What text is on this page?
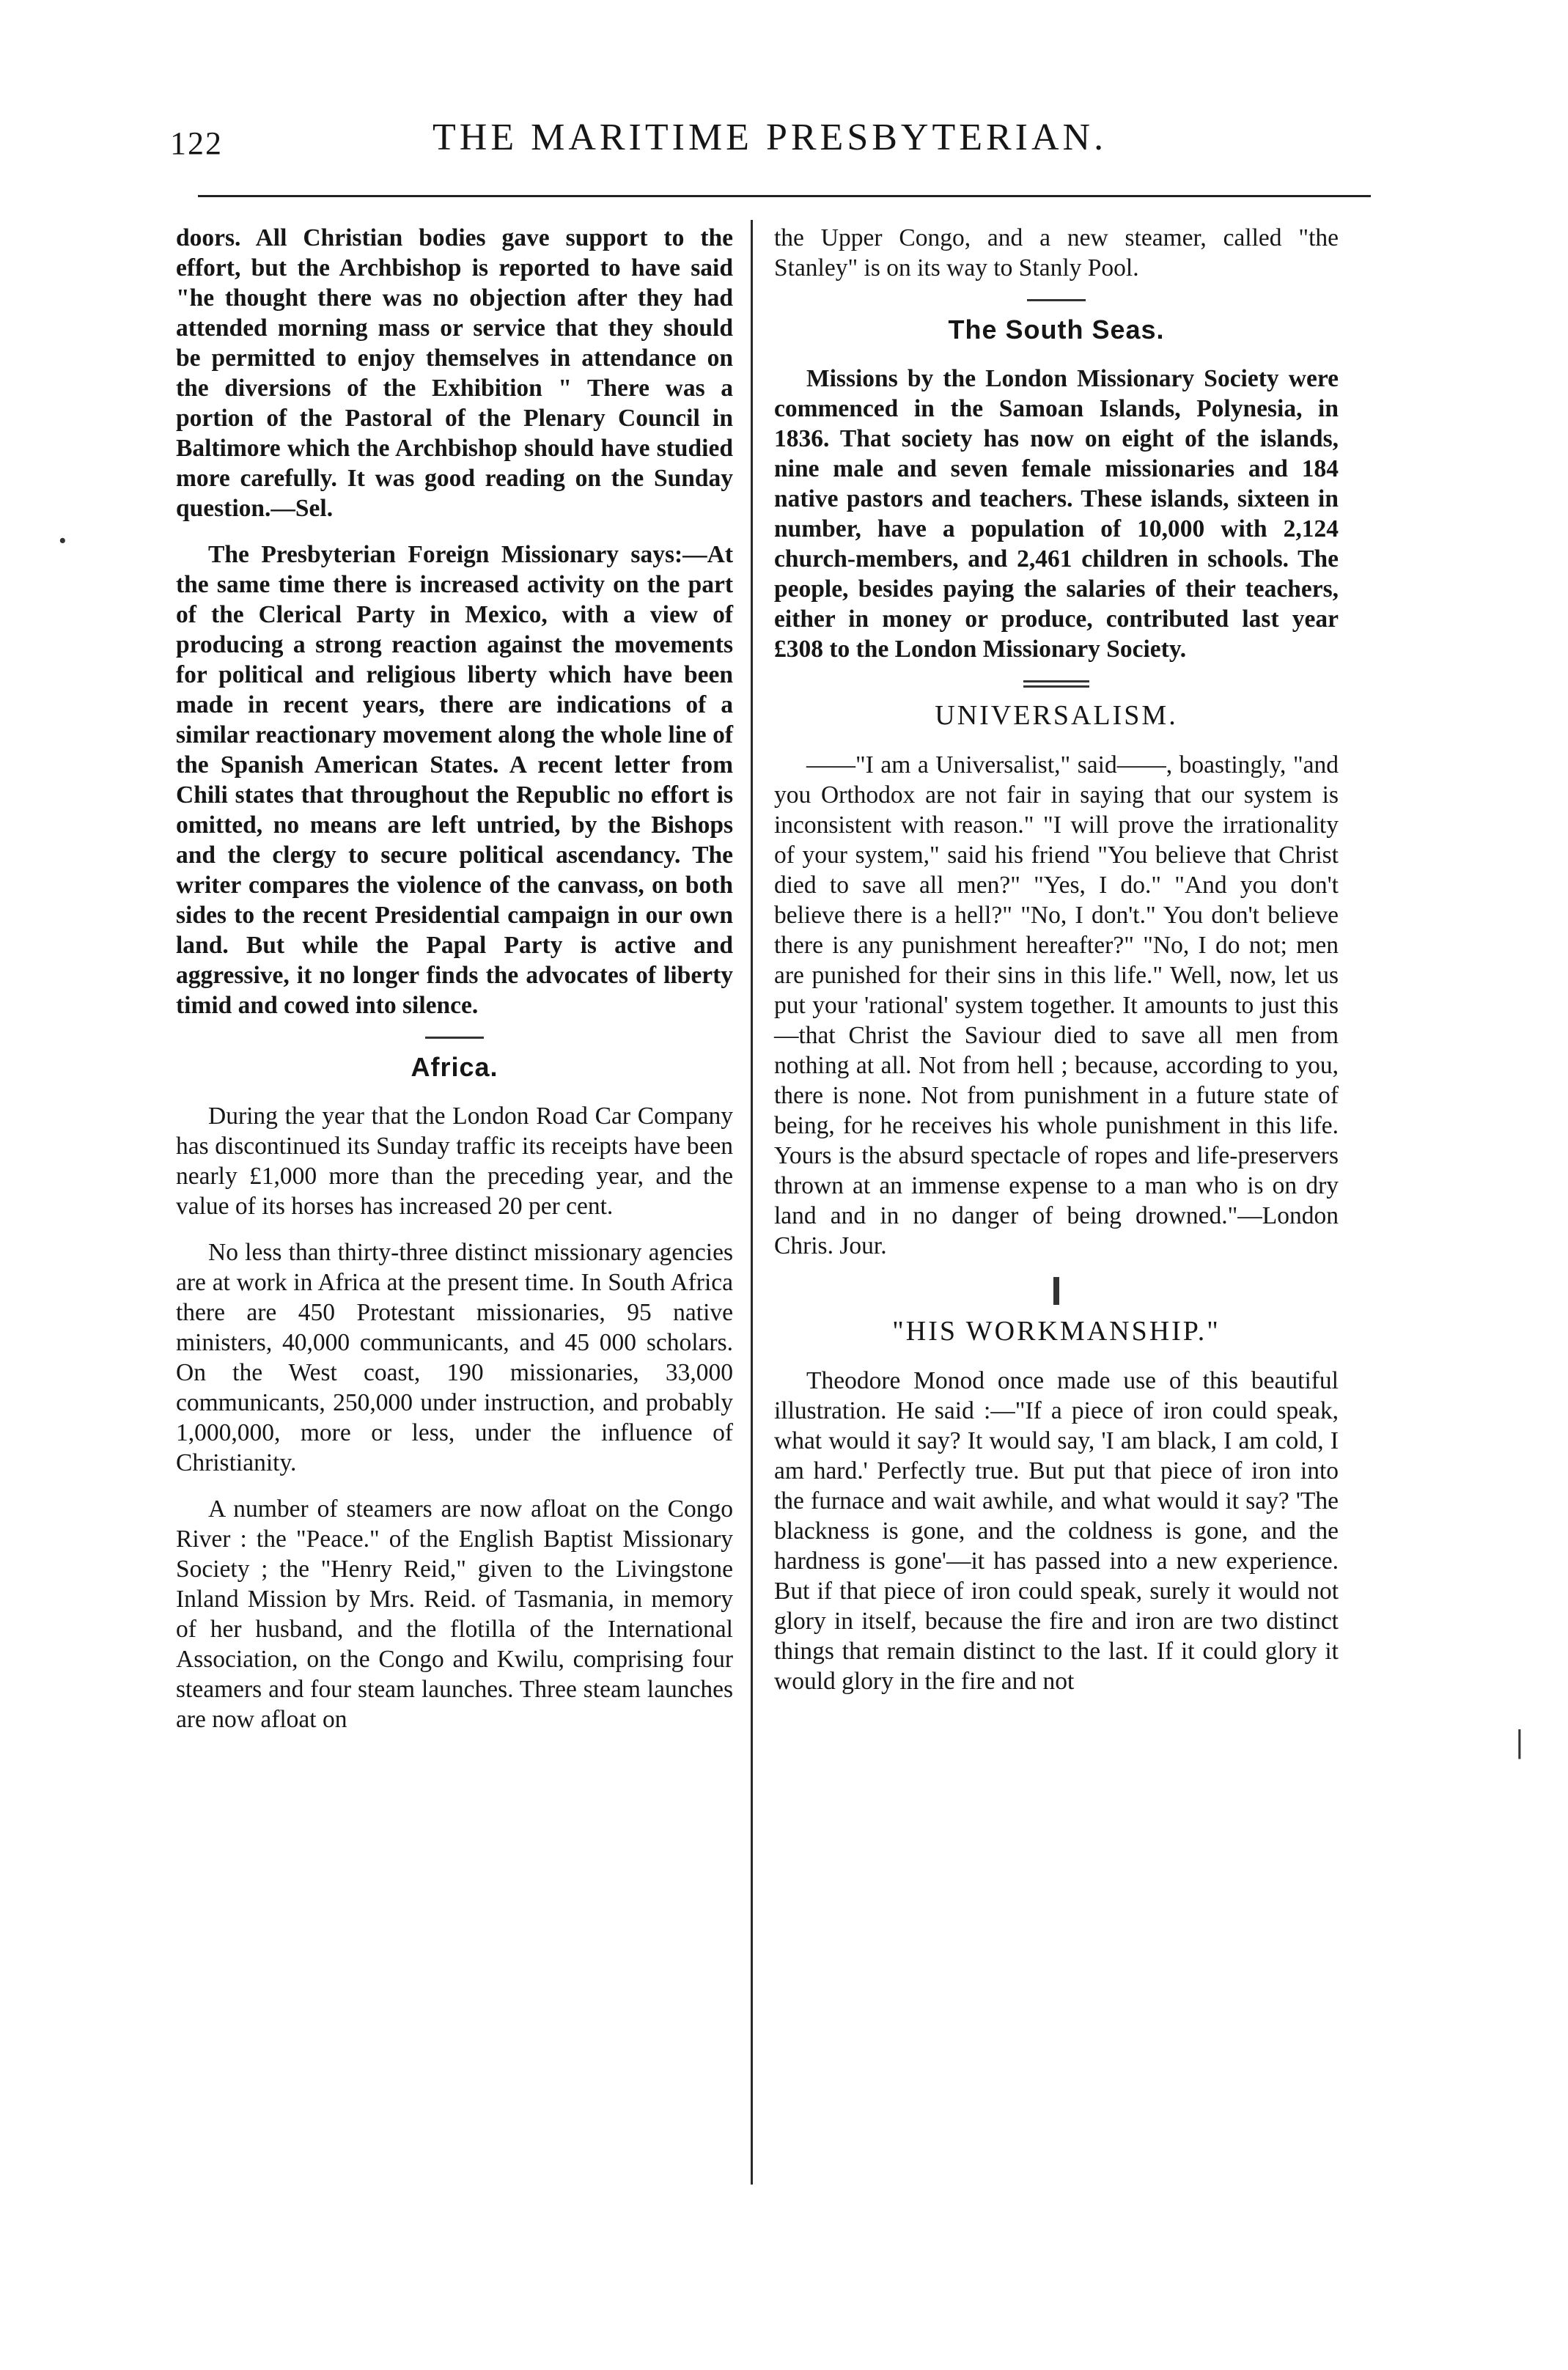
122	THE MARITIME PRESBYTERIAN.
·
|

doors. All Christian bodies gave support to the effort, but the Archbishop is reported to have said "he thought there was no objection after they had attended morning mass or service that they should be permitted to enjoy themselves in attendance on the diversions of the Exhibition " There was a portion of the Pastoral of the Plenary Council in Baltimore which the Archbishop should have studied more carefully. It was good reading on the Sunday question.—Sel.

The Presbyterian Foreign Missionary says:—At the same time there is increased activity on the part of the Clerical Party in Mexico, with a view of producing a strong reaction against the movements for political and religious liberty which have been made in recent years, there are indications of a similar reactionary movement along the whole line of the Spanish American States. A recent letter from Chili states that throughout the Republic no effort is omitted, no means are left untried, by the Bishops and the clergy to secure political ascendancy. The writer compares the violence of the canvass, on both sides to the recent Presidential campaign in our own land. But while the Papal Party is active and aggressive, it no longer finds the advocates of liberty timid and cowed into silence.

Africa.

During the year that the London Road Car Company has discontinued its Sunday traffic its receipts have been nearly £1,000 more than the preceding year, and the value of its horses has increased 20 per cent.

No less than thirty-three distinct missionary agencies are at work in Africa at the present time. In South Africa there are 450 Protestant missionaries, 95 native ministers, 40,000 communicants, and 45 000 scholars. On the West coast, 190 missionaries, 33,000 communicants, 250,000 under instruction, and probably 1,000,000, more or less, under the influence of Christianity.

A number of steamers are now afloat on the Congo River : the "Peace." of the English Baptist Missionary Society ; the "Henry Reid," given to the Livingstone Inland Mission by Mrs. Reid. of Tasmania, in memory of her husband, and the flotilla of the International Association, on the Congo and Kwilu, comprising four steamers and four steam launches. Three steam launches are now afloat on

the Upper Congo, and a new steamer, called "the Stanley" is on its way to Stanly Pool.

The South Seas.

Missions by the London Missionary Society were commenced in the Samoan Islands, Polynesia, in 1836. That society has now on eight of the islands, nine male and seven female missionaries and 184 native pastors and teachers. These islands, sixteen in number, have a population of 10,000 with 2,124 church-members, and 2,461 children in schools. The people, besides paying the salaries of their teachers, either in money or produce, contributed last year £308 to the London Missionary Society.

UNIVERSALISM.

——"I am a Universalist," said——, boastingly, "and you Orthodox are not fair in saying that our system is inconsistent with reason." "I will prove the irrationality of your system," said his friend "You believe that Christ died to save all men?" "Yes, I do." "And you don't believe there is a hell?" "No, I don't." You don't believe there is any punishment hereafter?" "No, I do not; men are punished for their sins in this life." Well, now, let us put your 'rational' system together. It amounts to just this—that Christ the Saviour died to save all men from nothing at all. Not from hell ; because, according to you, there is none. Not from punishment in a future state of being, for he receives his whole punishment in this life. Yours is the absurd spectacle of ropes and life-preservers thrown at an immense expense to a man who is on dry land and in no danger of being drowned."—London Chris. Jour.

"HIS WORKMANSHIP."

Theodore Monod once made use of this beautiful illustration. He said :—"If a piece of iron could speak, what would it say? It would say, 'I am black, I am cold, I am hard.' Perfectly true. But put that piece of iron into the furnace and wait awhile, and what would it say? 'The blackness is gone, and the coldness is gone, and the hardness is gone'—it has passed into a new experience. But if that piece of iron could speak, surely it would not glory in itself, because the fire and iron are two distinct things that remain distinct to the last. If it could glory it would glory in the fire and not
